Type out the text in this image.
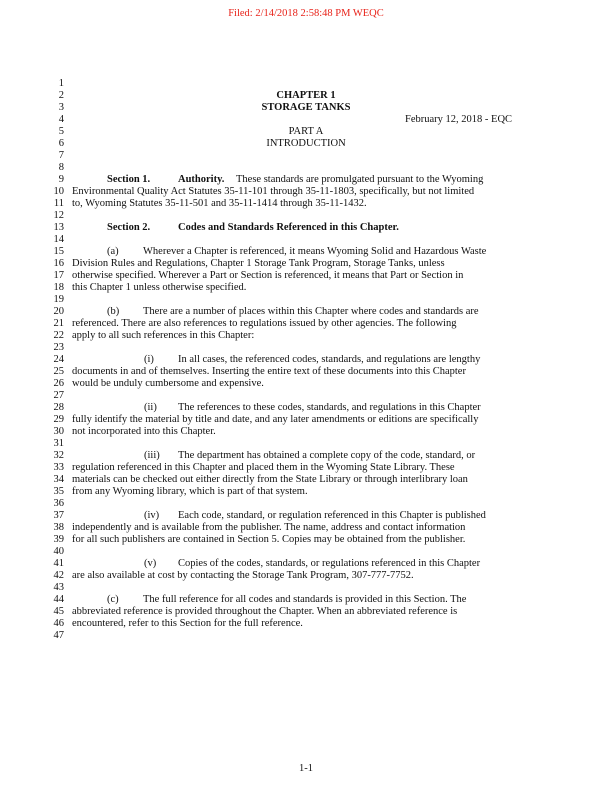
Filed: 2/14/2018 2:58:48 PM WEQC
1
2
3
4
5
6
7
8
9
10
11
12
13
14
15
16
17
18
19
20
21
22
23
24
25
26
27
28
29
30
31
32
33
34
35
36
37
38
39
40
41
42
43
44
45
46
47
CHAPTER 1
STORAGE TANKS
February 12, 2018 - EQC
PART A
INTRODUCTION
Section 1.	Authority. These standards are promulgated pursuant to the Wyoming
Environmental Quality Act Statutes 35-11-101 through 35-11-1803, specifically, but not limited
to, Wyoming Statutes 35-11-501 and 35-11-1414 through 35-11-1432.
Section 2.	Codes and Standards Referenced in this Chapter.
(a) Wherever a Chapter is referenced, it means Wyoming Solid and Hazardous Waste
Division Rules and Regulations, Chapter 1 Storage Tank Program, Storage Tanks, unless
otherwise specified. Wherever a Part or Section is referenced, it means that Part or Section in
this Chapter 1 unless otherwise specified.
(b) There are a number of places within this Chapter where codes and standards are
referenced. There are also references to regulations issued by other agencies. The following
apply to all such references in this Chapter:
(i) In all cases, the referenced codes, standards, and regulations are lengthy
documents in and of themselves. Inserting the entire text of these documents into this Chapter
would be unduly cumbersome and expensive.
(ii) The references to these codes, standards, and regulations in this Chapter
fully identify the material by title and date, and any later amendments or editions are specifically
not incorporated into this Chapter.
(iii) The department has obtained a complete copy of the code, standard, or
regulation referenced in this Chapter and placed them in the Wyoming State Library. These
materials can be checked out either directly from the State Library or through interlibrary loan
from any Wyoming library, which is part of that system.
(iv) Each code, standard, or regulation referenced in this Chapter is published
independently and is available from the publisher. The name, address and contact information
for all such publishers are contained in Section 5. Copies may be obtained from the publisher.
(v) Copies of the codes, standards, or regulations referenced in this Chapter
are also available at cost by contacting the Storage Tank Program, 307-777-7752.
(c) The full reference for all codes and standards is provided in this Section. The
abbreviated reference is provided throughout the Chapter. When an abbreviated reference is
encountered, refer to this Section for the full reference.
1-1
